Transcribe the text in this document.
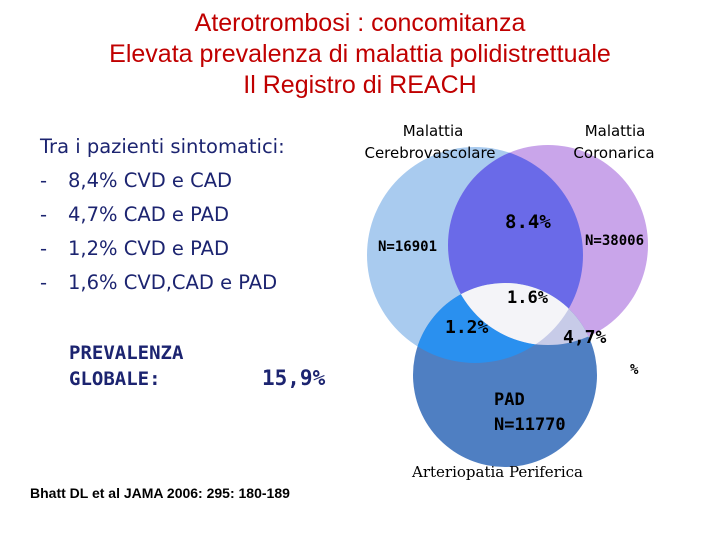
Aterotrombosi : concomitanza
Elevata prevalenza di malattia polidistrettuale
Il Registro di REACH
Tra i pazienti sintomatici:
- 8,4% CVD e CAD
- 4,7% CAD e PAD
- 1,2% CVD e PAD
- 1,6% CVD,CAD e PAD
PREVALENZA
GLOBALE:	15,9%
Bhatt DL et al JAMA 2006: 295: 180-189
Malattia
Cerebrovascolare
Malattia
Coronarica
N=16901	N=38006
8.4%
1.6%
1.2%	4,7%
%
PAD
N=11770
Arteriopatia Periferica
